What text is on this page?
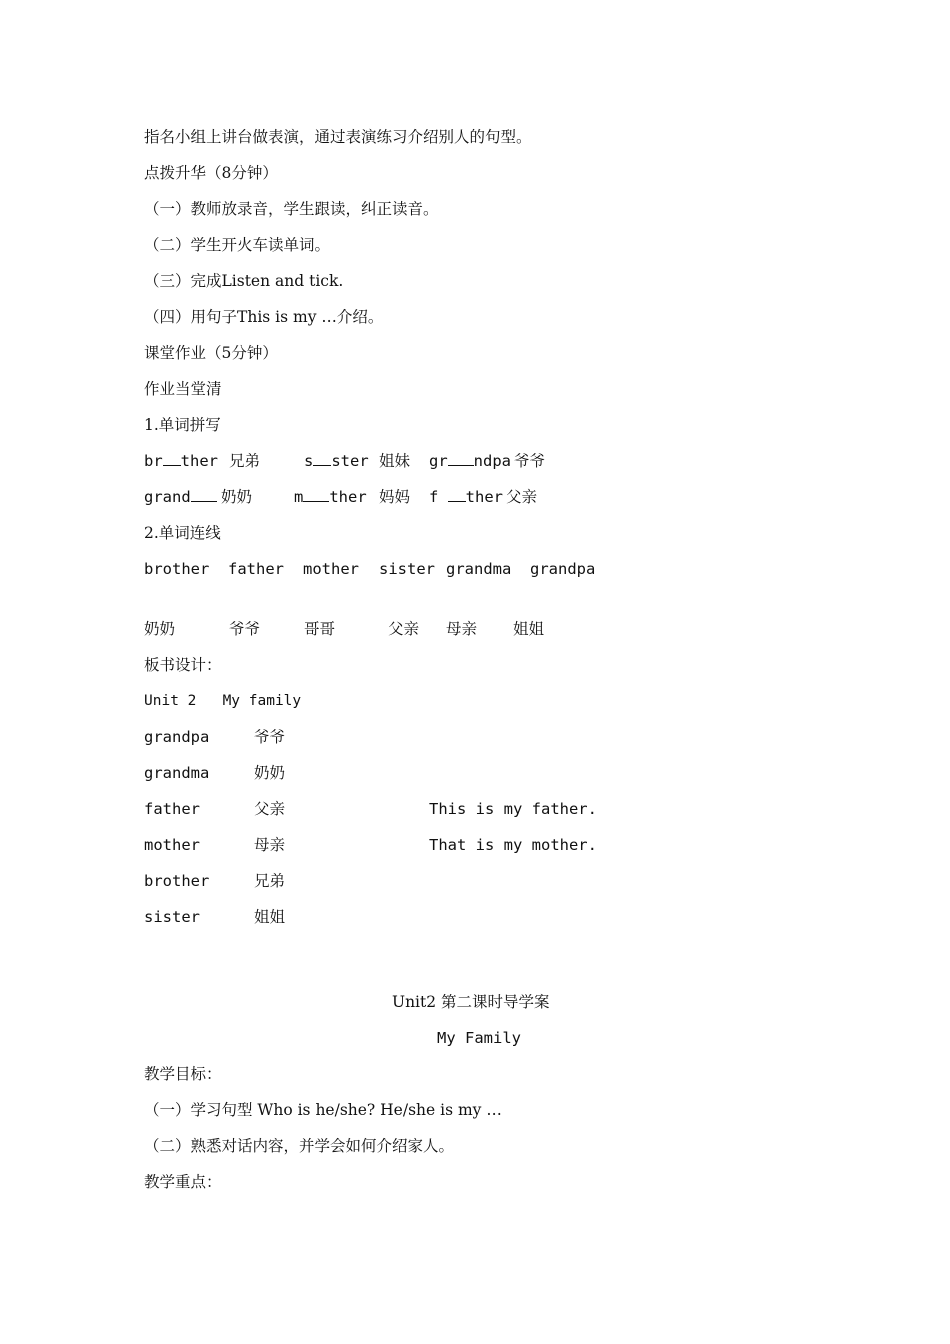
指名小组上讲台做表演，通过表演练习介绍别人的句型。
点拨升华（8分钟）
（一）教师放录音，学生跟读，纠正读音。
（二）学生开火车读单词。
（三）完成Listen and tick.
（四）用句子This is my …介绍。
课堂作业（5分钟）
作业当堂清
1.单词拼写
br ther 兄弟	s ster 姐妹 gr ndpa 爷爷
grand	奶奶	m ther 妈妈 f ther 父亲
2.单词连线
brother father mother sister grandma grandpa
奶奶	爷爷	哥哥	父亲 母亲 姐姐
板书设计：
Unit 2   My family
grandpa	爷爷
grandma	奶奶
father	父亲	This is my father.
mother	母亲	That is my mother.
brother	兄弟
sister	姐姐
Unit2 第二课时导学案
My Family
教学目标：
（一）学习句型 Who is he/she? He/she is my …
（二）熟悉对话内容，并学会如何介绍家人。
教学重点：
